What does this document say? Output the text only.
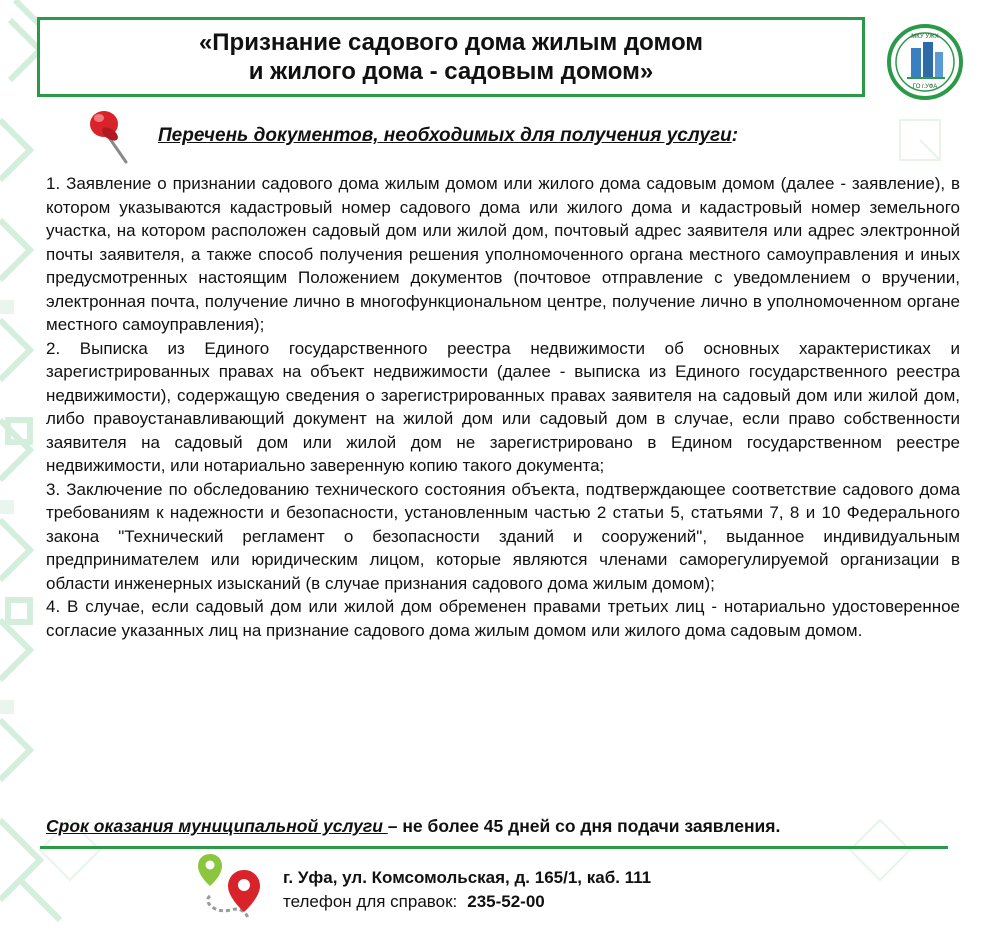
«Признание садового дома жилым домом
и жилого дома - садовым домом»
МКУ УЖХ
ГО г.УФА
Перечень документов, необходимых для получения услуги:

1. Заявление о признании садового дома жилым домом или жилого дома садовым домом (далее - заявление), в котором указываются кадастровый номер садового дома или жилого дома и кадастровый номер земельного участка, на котором расположен садовый дом или жилой дом, почтовый адрес заявителя или адрес электронной почты заявителя, а также способ получения решения уполномоченного органа местного самоуправления и иных предусмотренных настоящим Положением документов (почтовое отправление с уведомлением о вручении, электронная почта, получение лично в многофункциональном центре, получение лично в уполномоченном органе местного самоуправления);

2. Выписка из Единого государственного реестра недвижимости об основных характеристиках и зарегистрированных правах на объект недвижимости (далее - выписка из Единого государственного реестра недвижимости), содержащую сведения о зарегистрированных правах заявителя на садовый дом или жилой дом, либо правоустанавливающий документ на жилой дом или садовый дом в случае, если право собственности заявителя на садовый дом или жилой дом не зарегистрировано в Едином государственном реестре недвижимости, или нотариально заверенную копию такого документа;

3. Заключение по обследованию технического состояния объекта, подтверждающее соответствие садового дома требованиям к надежности и безопасности, установленным частью 2 статьи 5, статьями 7, 8 и 10 Федерального закона "Технический регламент о безопасности зданий и сооружений", выданное индивидуальным предпринимателем или юридическим лицом, которые являются членами саморегулируемой организации в области инженерных изысканий (в случае признания садового дома жилым домом);

4. В случае, если садовый дом или жилой дом обременен правами третьих лиц - нотариально удостоверенное согласие указанных лиц на признание садового дома жилым домом или жилого дома садовым домом.

Срок оказания муниципальной услуги – не более 45 дней со дня подачи заявления.
г. Уфа, ул. Комсомольская, д. 165/1, каб. 111
телефон для справок: 235-52-00
